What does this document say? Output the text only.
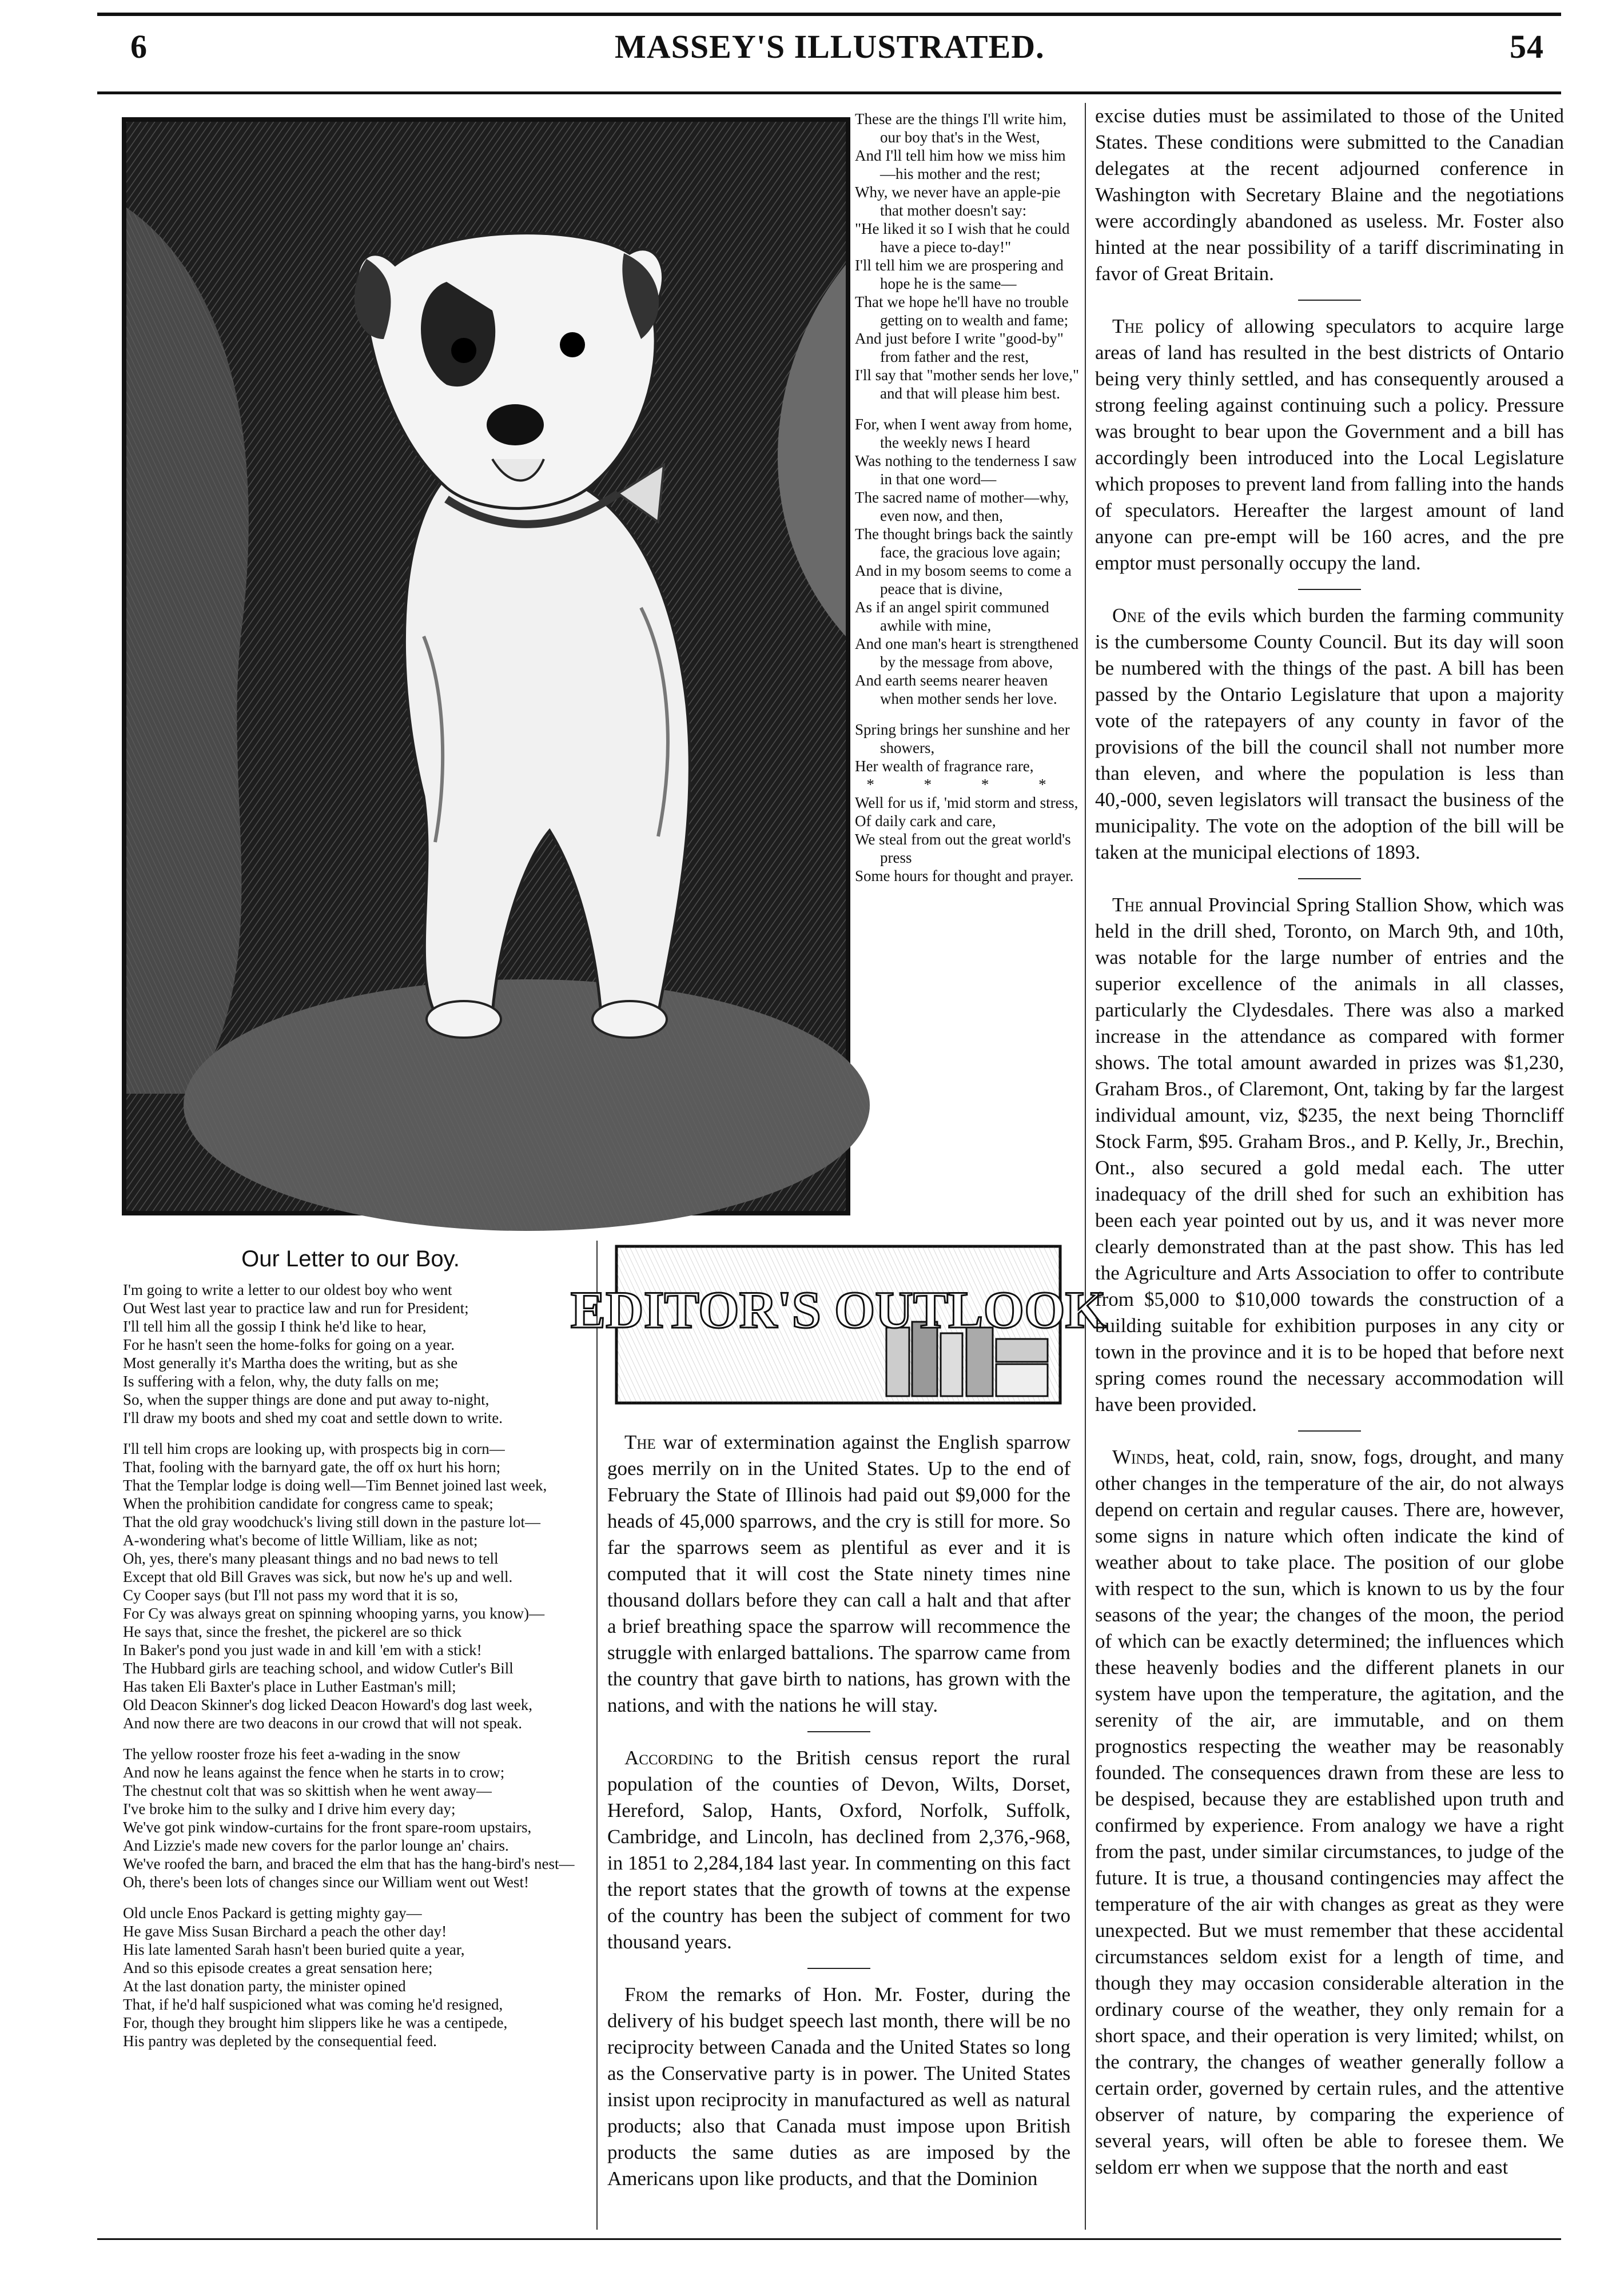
6	MASSEY'S ILLUSTRATED.	54
These are the things I'll write him, our boy that's in the West,
And I'll tell him how we miss him—his mother and the rest;
Why, we never have an apple-pie that mother doesn't say:
"He liked it so I wish that he could have a piece to-day!"
I'll tell him we are prospering and hope he is the same—
That we hope he'll have no trouble getting on to wealth and fame;
And just before I write "good-by" from father and the rest,
I'll say that "mother sends her love," and that will please him best.
For, when I went away from home, the weekly news I heard
Was nothing to the tenderness I saw in that one word—
The sacred name of mother—why, even now, and then,
The thought brings back the saintly face, the gracious love again;
And in my bosom seems to come a peace that is divine,
As if an angel spirit communed awhile with mine,
And one man's heart is strengthened by the message from above,
And earth seems nearer heaven when mother sends her love.
Spring brings her sunshine and her showers,
Her wealth of fragrance rare,
* * * *
Well for us if, 'mid storm and stress,
Of daily cark and care,
We steal from out the great world's press
Some hours for thought and prayer.
Our Letter to our Boy.
I'm going to write a letter to our oldest boy who went
Out West last year to practice law and run for President;
I'll tell him all the gossip I think he'd like to hear,
For he hasn't seen the home-folks for going on a year.
Most generally it's Martha does the writing, but as she
Is suffering with a felon, why, the duty falls on me;
So, when the supper things are done and put away to-night,
I'll draw my boots and shed my coat and settle down to write.
I'll tell him crops are looking up, with prospects big in corn—
That, fooling with the barnyard gate, the off ox hurt his horn;
That the Templar lodge is doing well—Tim Bennet joined last week,
When the prohibition candidate for congress came to speak;
That the old gray woodchuck's living still down in the pasture lot—
A-wondering what's become of little William, like as not;
Oh, yes, there's many pleasant things and no bad news to tell
Except that old Bill Graves was sick, but now he's up and well.
Cy Cooper says (but I'll not pass my word that it is so,
For Cy was always great on spinning whooping yarns, you know)—
He says that, since the freshet, the pickerel are so thick
In Baker's pond you just wade in and kill 'em with a stick!
The Hubbard girls are teaching school, and widow Cutler's Bill
Has taken Eli Baxter's place in Luther Eastman's mill;
Old Deacon Skinner's dog licked Deacon Howard's dog last week,
And now there are two deacons in our crowd that will not speak.
The yellow rooster froze his feet a-wading in the snow
And now he leans against the fence when he starts in to crow;
The chestnut colt that was so skittish when he went away—
I've broke him to the sulky and I drive him every day;
We've got pink window-curtains for the front spare-room upstairs,
And Lizzie's made new covers for the parlor lounge an' chairs.
We've roofed the barn, and braced the elm that has the hang-bird's nest—
Oh, there's been lots of changes since our William went out West!
Old uncle Enos Packard is getting mighty gay—
He gave Miss Susan Birchard a peach the other day!
His late lamented Sarah hasn't been buried quite a year,
And so this episode creates a great sensation here;
At the last donation party, the minister opined
That, if he'd half suspicioned what was coming he'd resigned,
For, though they brought him slippers like he was a centipede,
His pantry was depleted by the consequential feed.
EDITOR'S OUTLOOK

The war of extermination against the English sparrow goes merrily on in the United States. Up to the end of February the State of Illinois had paid out $9,000 for the heads of 45,000 sparrows, and the cry is still for more. So far the sparrows seem as plentiful as ever and it is computed that it will cost the State ninety times nine thousand dollars before they can call a halt and that after a brief breathing space the sparrow will recommence the struggle with enlarged battalions. The sparrow came from the country that gave birth to nations, has grown with the nations, and with the nations he will stay.

According to the British census report the rural population of the counties of Devon, Wilts, Dorset, Hereford, Salop, Hants, Oxford, Norfolk, Suffolk, Cambridge, and Lincoln, has declined from 2,376,-968, in 1851 to 2,284,184 last year. In commenting on this fact the report states that the growth of towns at the expense of the country has been the subject of comment for two thousand years.

From the remarks of Hon. Mr. Foster, during the delivery of his budget speech last month, there will be no reciprocity between Canada and the United States so long as the Conservative party is in power. The United States insist upon reciprocity in manufactured as well as natural products; also that Canada must impose upon British products the same duties as are imposed by the Americans upon like products, and that the Dominion

excise duties must be assimilated to those of the United States. These conditions were submitted to the Canadian delegates at the recent adjourned conference in Washington with Secretary Blaine and the negotiations were accordingly abandoned as useless. Mr. Foster also hinted at the near possibility of a tariff discriminating in favor of Great Britain.

The policy of allowing speculators to acquire large areas of land has resulted in the best districts of Ontario being very thinly settled, and has consequently aroused a strong feeling against continuing such a policy. Pressure was brought to bear upon the Government and a bill has accordingly been introduced into the Local Legislature which proposes to prevent land from falling into the hands of speculators. Hereafter the largest amount of land anyone can pre-empt will be 160 acres, and the pre emptor must personally occupy the land.

One of the evils which burden the farming community is the cumbersome County Council. But its day will soon be numbered with the things of the past. A bill has been passed by the Ontario Legislature that upon a majority vote of the ratepayers of any county in favor of the provisions of the bill the council shall not number more than eleven, and where the population is less than 40,-000, seven legislators will transact the business of the municipality. The vote on the adoption of the bill will be taken at the municipal elections of 1893.

The annual Provincial Spring Stallion Show, which was held in the drill shed, Toronto, on March 9th, and 10th, was notable for the large number of entries and the superior excellence of the animals in all classes, particularly the Clydesdales. There was also a marked increase in the attendance as compared with former shows. The total amount awarded in prizes was $1,230, Graham Bros., of Claremont, Ont, taking by far the largest individual amount, viz, $235, the next being Thorncliff Stock Farm, $95. Graham Bros., and P. Kelly, Jr., Brechin, Ont., also secured a gold medal each. The utter inadequacy of the drill shed for such an exhibition has been each year pointed out by us, and it was never more clearly demonstrated than at the past show. This has led the Agriculture and Arts Association to offer to contribute from $5,000 to $10,000 towards the construction of a building suitable for exhibition purposes in any city or town in the province and it is to be hoped that before next spring comes round the necessary accommodation will have been provided.

Winds, heat, cold, rain, snow, fogs, drought, and many other changes in the temperature of the air, do not always depend on certain and regular causes. There are, however, some signs in nature which often indicate the kind of weather about to take place. The position of our globe with respect to the sun, which is known to us by the four seasons of the year; the changes of the moon, the period of which can be exactly determined; the influences which these heavenly bodies and the different planets in our system have upon the temperature, the agitation, and the serenity of the air, are immutable, and on them prognostics respecting the weather may be reasonably founded. The consequences drawn from these are less to be despised, because they are established upon truth and confirmed by experience. From analogy we have a right from the past, under similar circumstances, to judge of the future. It is true, a thousand contingencies may affect the temperature of the air with changes as great as they were unexpected. But we must remember that these accidental circumstances seldom exist for a length of time, and though they may occasion considerable alteration in the ordinary course of the weather, they only remain for a short space, and their operation is very limited; whilst, on the contrary, the changes of weather generally follow a certain order, governed by certain rules, and the attentive observer of nature, by comparing the experience of several years, will often be able to foresee them. We seldom err when we suppose that the north and east
